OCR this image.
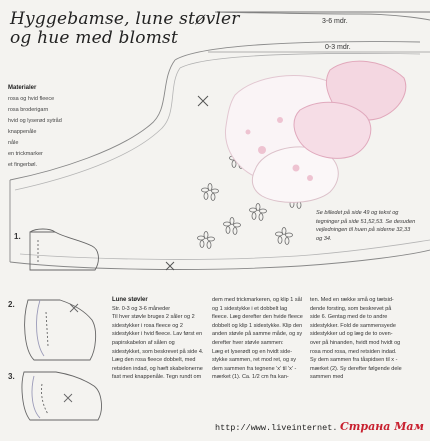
Hyggebamse, lune støvler
og hue med blomst
3-6 mdr.
0-3 mdr.
Materialer
rosa og hvid fleece
rosa broderigarn
hvid og lyserød sytråd
knappenåle
nåle
en trickmarker
et fingerbøl.
Se billedet på side 49 og tekst og tegninger på side 51,52,53. Se desuden vejledningen til huen på siderne 32,33 og 34.
1.
2.
3.
Lune støvler
Str. 0-3 og 3-6 måneder
Til hver støvle bruges 2 såler og 2 sidestykker i rosa fleece og 2 sidestykker i hvid fleece. Lav først en papirskabelon af sålen og sidestykket, som beskrevet på side 4. Læg den rosa fleece dobbelt, med retsiden indad, og hæft skabelonerne fast med knappenåle. Tegn rundt om
dem med trickmarkeren, og klip 1 sål og 1 sidestykke i et dobbelt lag fleece. Læg derefter den hvide fleece dobbelt og klip 1 sidestykke. Klip den anden støvle på samme måde, og sy derefter hver støvle sammen:
Læg et lyserødt og en hvidt side-stykke sammen, ret mod ret, og sy dem sammen fra tegnene 'x' til 'x' - mærket (1). Ca. 1/2 cm fra kan-
ten. Med en række små og tætsid-dende forsting, som beskrevet på side 6. Gentag med de to andre sidestykker. Fold de sammensyede sidestykker ud og læg de to oven-over på hinanden, hvidt mod hvidt og rosa mod rosa, med retsiden indad. Sy dem sammen fra tåspidsen til x - mærket (2). Sy derefter følgende dele sammen med
http://www.liveinternet. Страна Мам
